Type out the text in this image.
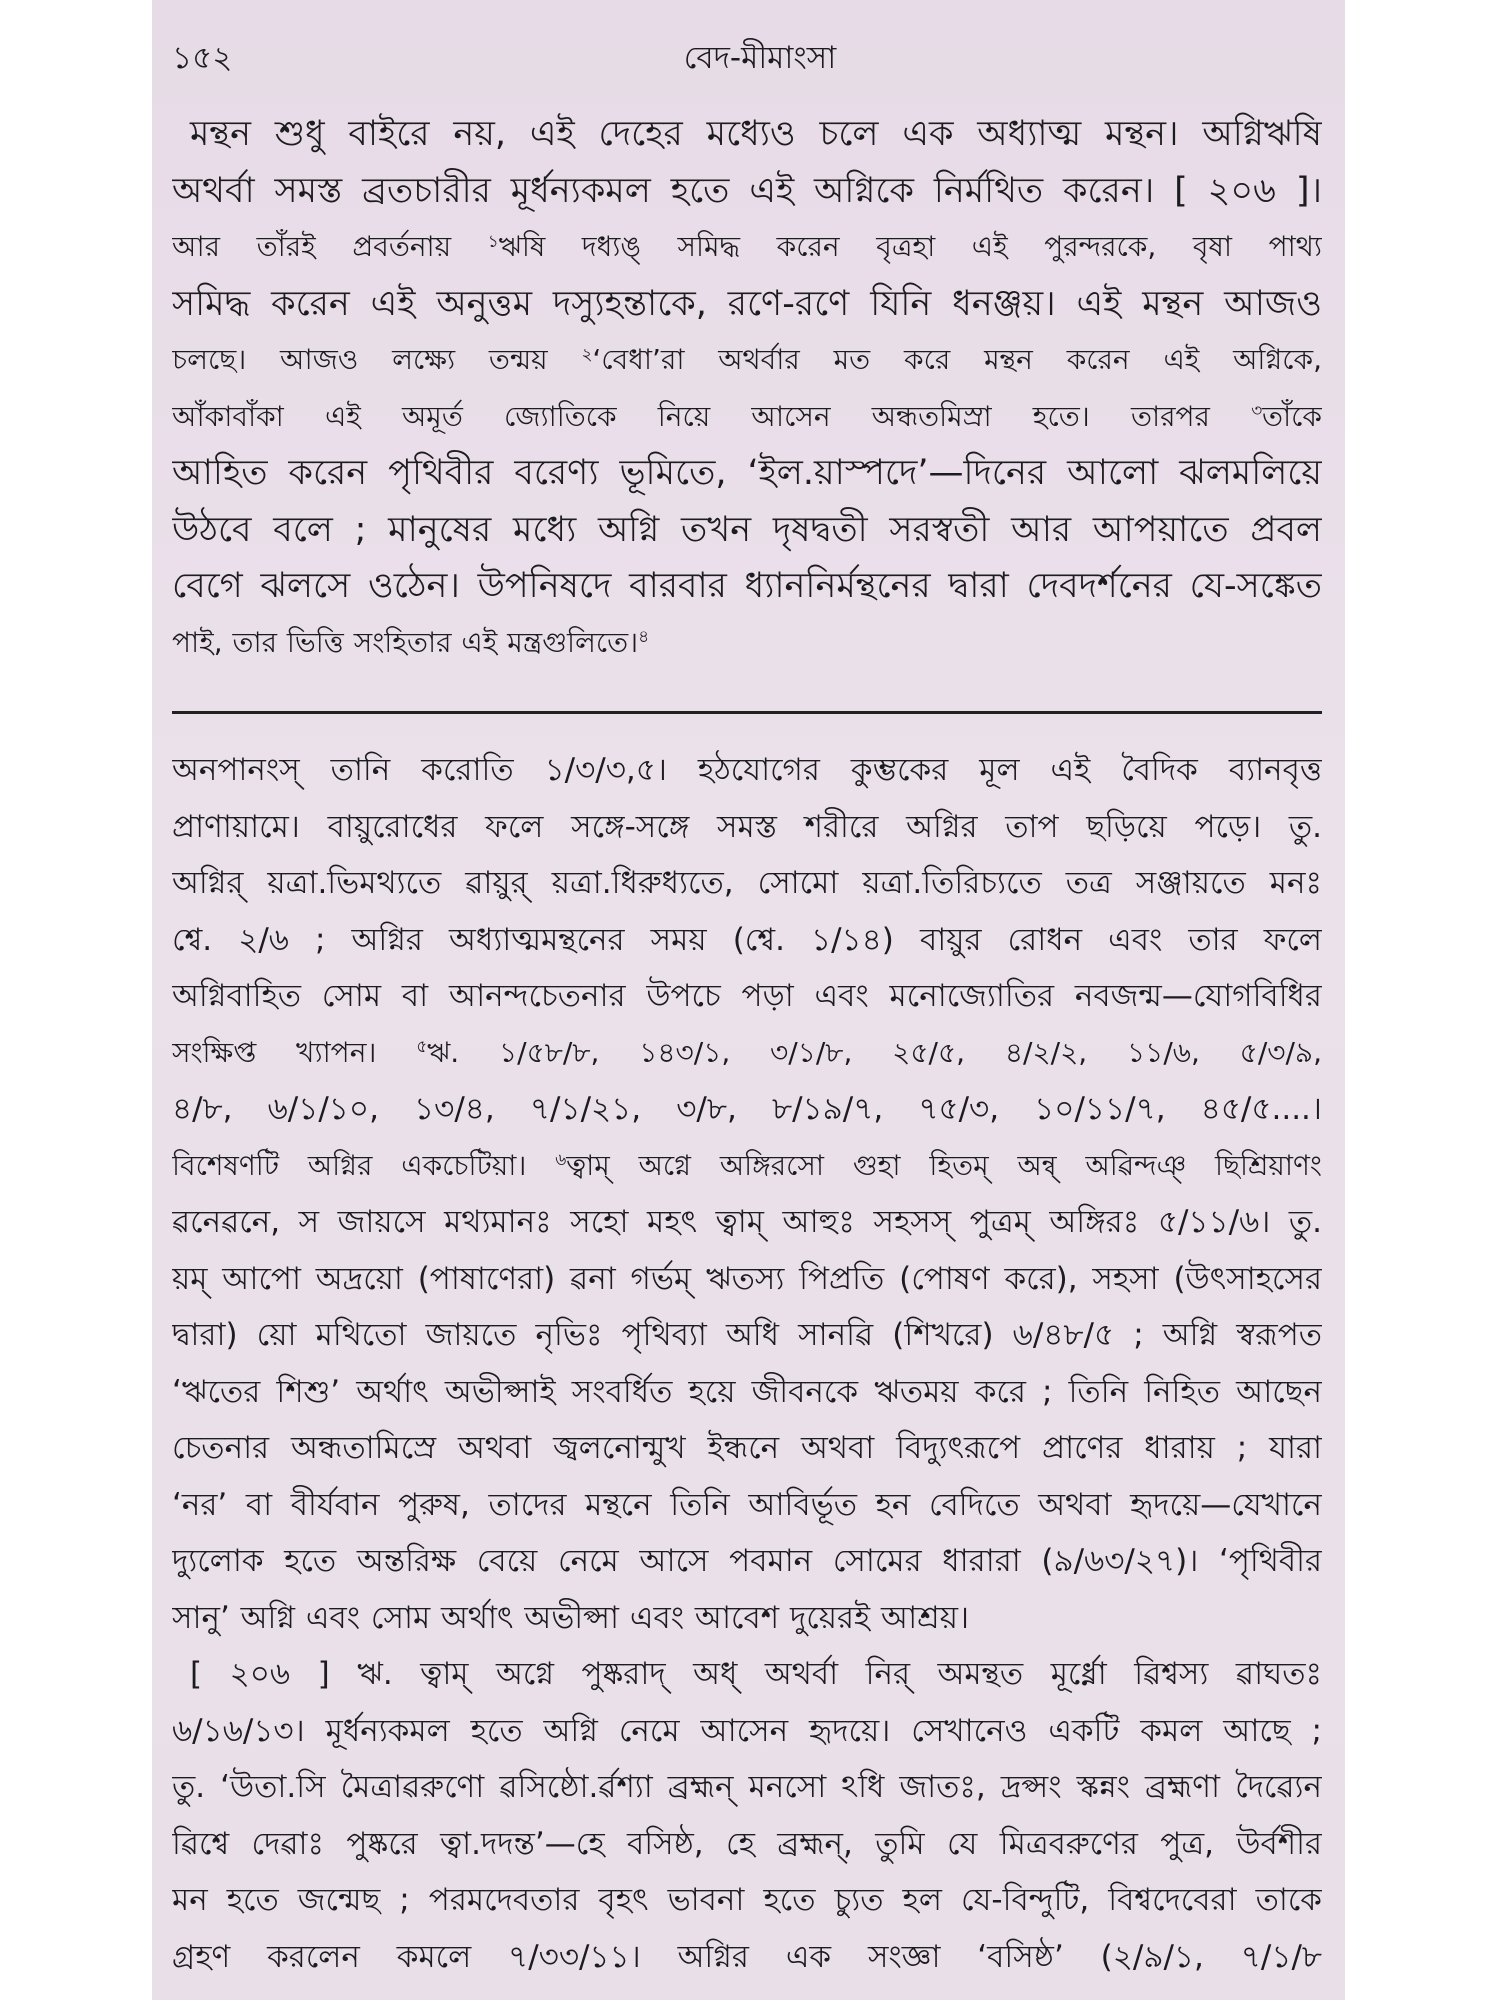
১৫২	বেদ-মীমাংসা
মন্থন শুধু বাইরে নয়, এই দেহের মধ্যেও চলে এক অধ্যাত্ম মন্থন। অগ্নিঋষি
অথর্বা সমস্ত ব্রতচারীর মূর্ধন্যকমল হতে এই অগ্নিকে নির্মথিত করেন। [ ২০৬ ]।
আর তাঁরই প্রবর্তনায় $^১$ঋষি দধ্যঙ্ সমিদ্ধ করেন বৃত্রহা এই পুরন্দরকে, বৃষা পাথ্য
সমিদ্ধ করেন এই অনুত্তম দস্যুহন্তাকে, রণে-রণে যিনি ধনঞ্জয়। এই মন্থন আজও
চলছে। আজও লক্ষ্যে তন্ময় $^২$‘বেধা’রা অথর্বার মত করে মন্থন করেন এই অগ্নিকে,
আঁকাবাঁকা এই অমূর্ত জ্যোতিকে নিয়ে আসেন অন্ধতমিস্রা হতে। তারপর $^৩$তাঁকে
আহিত করেন পৃথিবীর বরেণ্য ভূমিতে, ‘ইল.য়াস্পদে’—দিনের আলো ঝলমলিয়ে
উঠবে বলে ; মানুষের মধ্যে অগ্নি তখন দৃষদ্বতী সরস্বতী আর আপয়াতে প্রবল
বেগে ঝলসে ওঠেন। উপনিষদে বারবার ধ্যাননির্মন্থনের দ্বারা দেবদর্শনের যে-সঙ্কেত
পাই, তার ভিত্তি সংহিতার এই মন্ত্রগুলিতে।$^৪$
অনপানংস্ তানি করোতি ১/৩/৩,৫। হঠযোগের কুম্ভকের মূল এই বৈদিক ব্যানবৃত্ত
প্রাণায়ামে। বায়ুরোধের ফলে সঙ্গে-সঙ্গে সমস্ত শরীরে অগ্নির তাপ ছড়িয়ে পড়ে। তু.
অগ্নির্ য়ত্রা.ভিমথ্যতে ৱায়ুর্ য়ত্রা.ধিরুধ্যতে, সোমো য়ত্রা.তিরিচ্যতে তত্র সঞ্জায়তে মনঃ
শ্বে. ২/৬ ; অগ্নির অধ্যাত্মমন্থনের সময় (শ্বে. ১/১৪) বায়ুর রোধন এবং তার ফলে
অগ্নিবাহিত সোম বা আনন্দচেতনার উপচে পড়া এবং মনোজ্যোতির নবজন্ম—যোগবিধির
সংক্ষিপ্ত খ্যাপন। $^৫$ঋ. ১/৫৮/৮, ১৪৩/১, ৩/১/৮, ২৫/৫, ৪/২/২, ১১/৬, ৫/৩/৯,
৪/৮, ৬/১/১০, ১৩/৪, ৭/১/২১, ৩/৮, ৮/১৯/৭, ৭৫/৩, ১০/১১/৭, ৪৫/৫....।
বিশেষণটি অগ্নির একচেটিয়া। $^৬$ত্বাম্ অগ্নে অঙ্গিরসো গুহা হিতম্ অন্ব্ অৱিন্দঞ্ ছিশ্রিয়াণং
ৱনেৱনে, স জায়সে মথ্যমানঃ সহো মহৎ ত্বাম্ আহুঃ সহসস্ পুত্রম্ অঙ্গিরঃ ৫/১১/৬। তু.
য়ম্ আপো অদ্রয়ো (পাষাণেরা) ৱনা গর্ভম্ ঋতস্য পিপ্রতি (পোষণ করে), সহসা (উৎসাহসের
দ্বারা) য়ো মথিতো জায়তে নৃভিঃ পৃথিব্যা অধি সানৱি (শিখরে) ৬/৪৮/৫ ; অগ্নি স্বরূপত
‘ঋতের শিশু’ অর্থাৎ অভীপ্সাই সংবর্ধিত হয়ে জীবনকে ঋতময় করে ; তিনি নিহিত আছেন
চেতনার অন্ধতামিস্রে অথবা জ্বলনোন্মুখ ইন্ধনে অথবা বিদ্যুৎরূপে প্রাণের ধারায় ; যারা
‘নর’ বা বীর্যবান পুরুষ, তাদের মন্থনে তিনি আবির্ভূত হন বেদিতে অথবা হৃদয়ে—যেখানে
দ্যুলোক হতে অন্তরিক্ষ বেয়ে নেমে আসে পবমান সোমের ধারারা (৯/৬৩/২৭)। ‘পৃথিবীর
সানু’ অগ্নি এবং সোম অর্থাৎ অভীপ্সা এবং আবেশ দুয়েরই আশ্রয়।
[ ২০৬ ] ঋ. ত্বাম্ অগ্নে পুষ্করাদ্ অধ্ অথর্বা নির্ অমন্থত মূর্ধ্নো ৱিশ্বস্য ৱাঘতঃ
৬/১৬/১৩। মূর্ধন্যকমল হতে অগ্নি নেমে আসেন হৃদয়ে। সেখানেও একটি কমল আছে ;
তু. ‘উতা.সি মৈত্রাৱরুণো ৱসিষ্ঠো.র্ৱশ্যা ব্রহ্মন্ মনসো ঽধি জাতঃ, দ্রপ্সং স্কন্নং ব্রহ্মণা দৈৱ্যেন
ৱিশ্বে দেৱাঃ পুষ্করে ত্বা.দদন্ত’—হে বসিষ্ঠ, হে ব্রহ্মন্, তুমি যে মিত্রবরুণের পুত্র, উর্বশীর
মন হতে জন্মেছ ; পরমদেবতার বৃহৎ ভাবনা হতে চ্যুত হল যে-বিন্দুটি, বিশ্বদেবেরা তাকে
গ্রহণ করলেন কমলে ৭/৩৩/১১। অগ্নির এক সংজ্ঞা ‘বসিষ্ঠ’ (২/৯/১, ৭/১/৮
